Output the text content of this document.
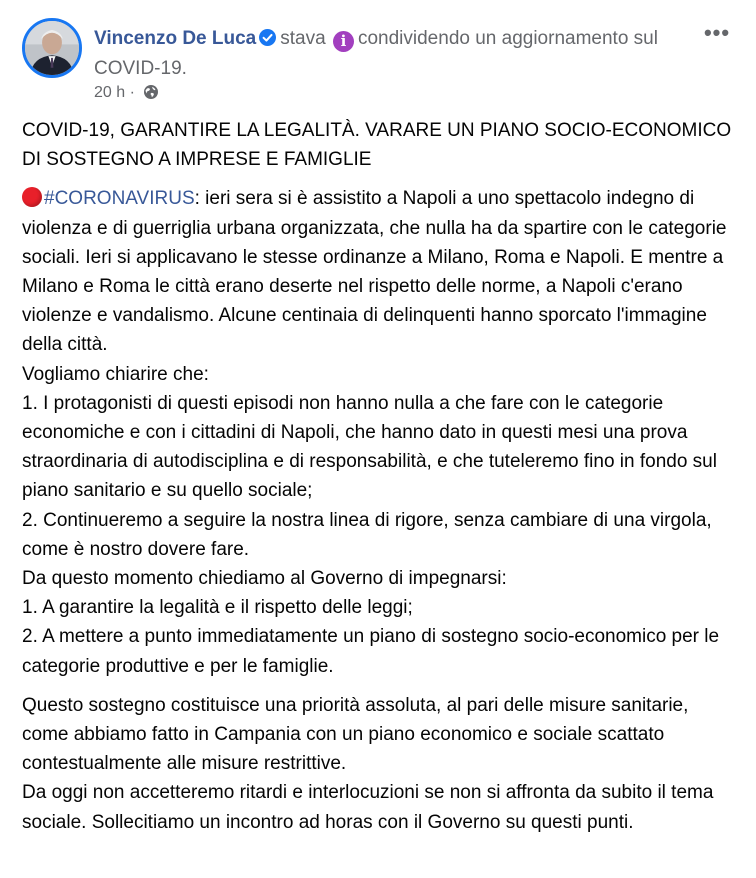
Vincenzo De Luca stava i condividendo un aggiornamento sul COVID-19.
20 h ·
•••

COVID-19, GARANTIRE LA LEGALITÀ. VARARE UN PIANO SOCIO-ECONOMICO DI SOSTEGNO A IMPRESE E FAMIGLIE

#CORONAVIRUS: ieri sera si è assistito a Napoli a uno spettacolo indegno di violenza e di guerriglia urbana organizzata, che nulla ha da spartire con le categorie sociali. Ieri si applicavano le stesse ordinanze a Milano, Roma e Napoli. E mentre a Milano e Roma le città erano deserte nel rispetto delle norme, a Napoli c'erano violenze e vandalismo. Alcune centinaia di delinquenti hanno sporcato l'immagine della città.
Vogliamo chiarire che:
1. I protagonisti di questi episodi non hanno nulla a che fare con le categorie economiche e con i cittadini di Napoli, che hanno dato in questi mesi una prova straordinaria di autodisciplina e di responsabilità, e che tuteleremo fino in fondo sul piano sanitario e su quello sociale;
2. Continueremo a seguire la nostra linea di rigore, senza cambiare di una virgola, come è nostro dovere fare.
Da questo momento chiediamo al Governo di impegnarsi:
1. A garantire la legalità e il rispetto delle leggi;
2. A mettere a punto immediatamente un piano di sostegno socio-economico per le categorie produttive e per le famiglie.

Questo sostegno costituisce una priorità assoluta, al pari delle misure sanitarie, come abbiamo fatto in Campania con un piano economico e sociale scattato contestualmente alle misure restrittive.
Da oggi non accetteremo ritardi e interlocuzioni se non si affronta da subito il tema sociale. Sollecitiamo un incontro ad horas con il Governo su questi punti.
